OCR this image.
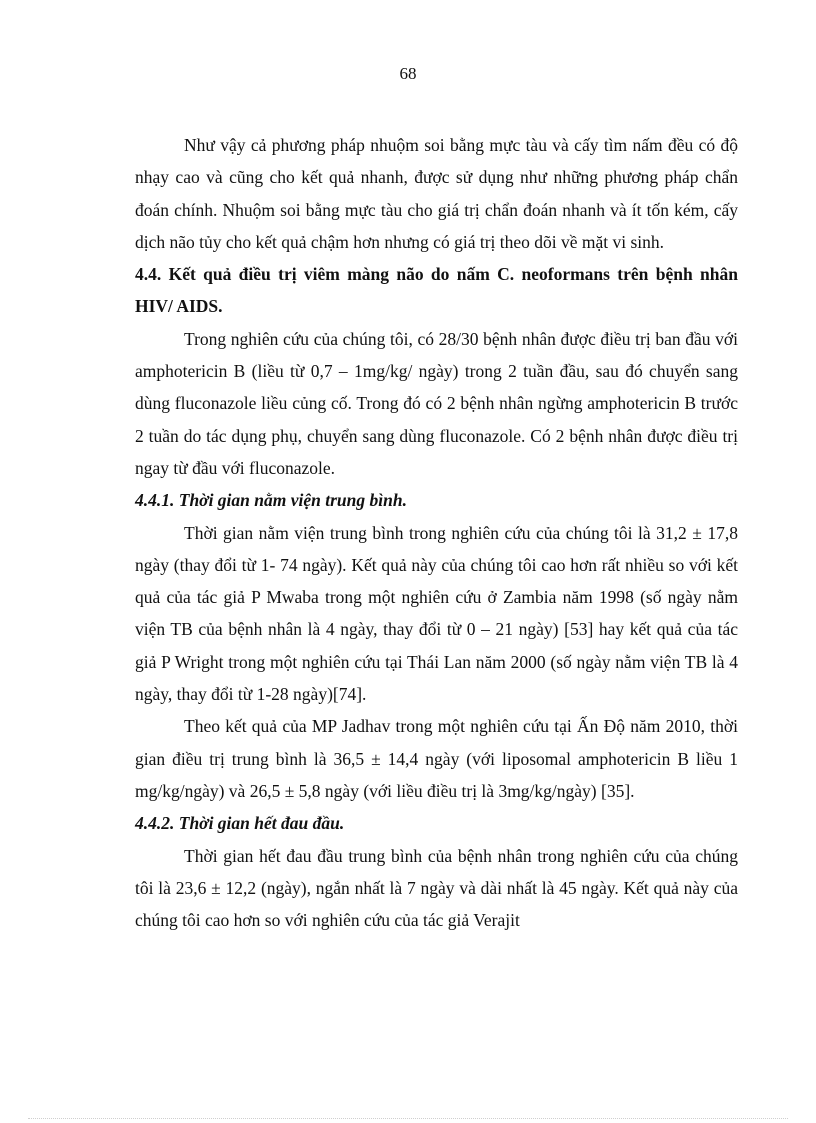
68

Như vậy cả phương pháp nhuộm soi bằng mực tàu và cấy tìm nấm đều có độ nhạy cao và cũng cho kết quả nhanh, được sử dụng như những phương pháp chẩn đoán chính. Nhuộm soi bằng mực tàu cho giá trị chẩn đoán nhanh và ít tốn kém, cấy dịch não tủy cho kết quả chậm hơn nhưng có giá trị theo dõi về mặt vi sinh.

4.4. Kết quả điều trị viêm màng não do nấm C. neoformans trên bệnh nhân HIV/ AIDS.

Trong nghiên cứu của chúng tôi, có 28/30 bệnh nhân được điều trị ban đầu với amphotericin B (liều từ 0,7 – 1mg/kg/ ngày) trong 2 tuần đầu, sau đó chuyển sang dùng fluconazole liều củng cố. Trong đó có 2 bệnh nhân ngừng amphotericin B trước 2 tuần do tác dụng phụ, chuyển sang dùng fluconazole. Có 2 bệnh nhân được điều trị ngay từ đầu với fluconazole.

4.4.1. Thời gian nằm viện trung bình.

Thời gian nằm viện trung bình trong nghiên cứu của chúng tôi là 31,2 ± 17,8 ngày (thay đổi từ 1- 74 ngày). Kết quả này của chúng tôi cao hơn rất nhiều so với kết quả của tác giả P Mwaba trong một nghiên cứu ở Zambia năm 1998 (số ngày nằm viện TB của bệnh nhân là 4 ngày, thay đổi từ 0 – 21 ngày) [53] hay kết quả của tác giả P Wright trong một nghiên cứu tại Thái Lan năm 2000 (số ngày nằm viện TB là 4 ngày, thay đổi từ 1-28 ngày)[74].

Theo kết quả của MP Jadhav trong một nghiên cứu tại Ấn Độ năm 2010, thời gian điều trị trung bình là 36,5 ± 14,4 ngày (với liposomal amphotericin B liều 1 mg/kg/ngày) và 26,5 ± 5,8 ngày (với liều điều trị là 3mg/kg/ngày) [35].

4.4.2. Thời gian hết đau đầu.

Thời gian hết đau đầu trung bình của bệnh nhân trong nghiên cứu của chúng tôi là 23,6 ± 12,2 (ngày), ngắn nhất là 7 ngày và dài nhất là 45 ngày. Kết quả này của chúng tôi cao hơn so với nghiên cứu của tác giả Verajit
